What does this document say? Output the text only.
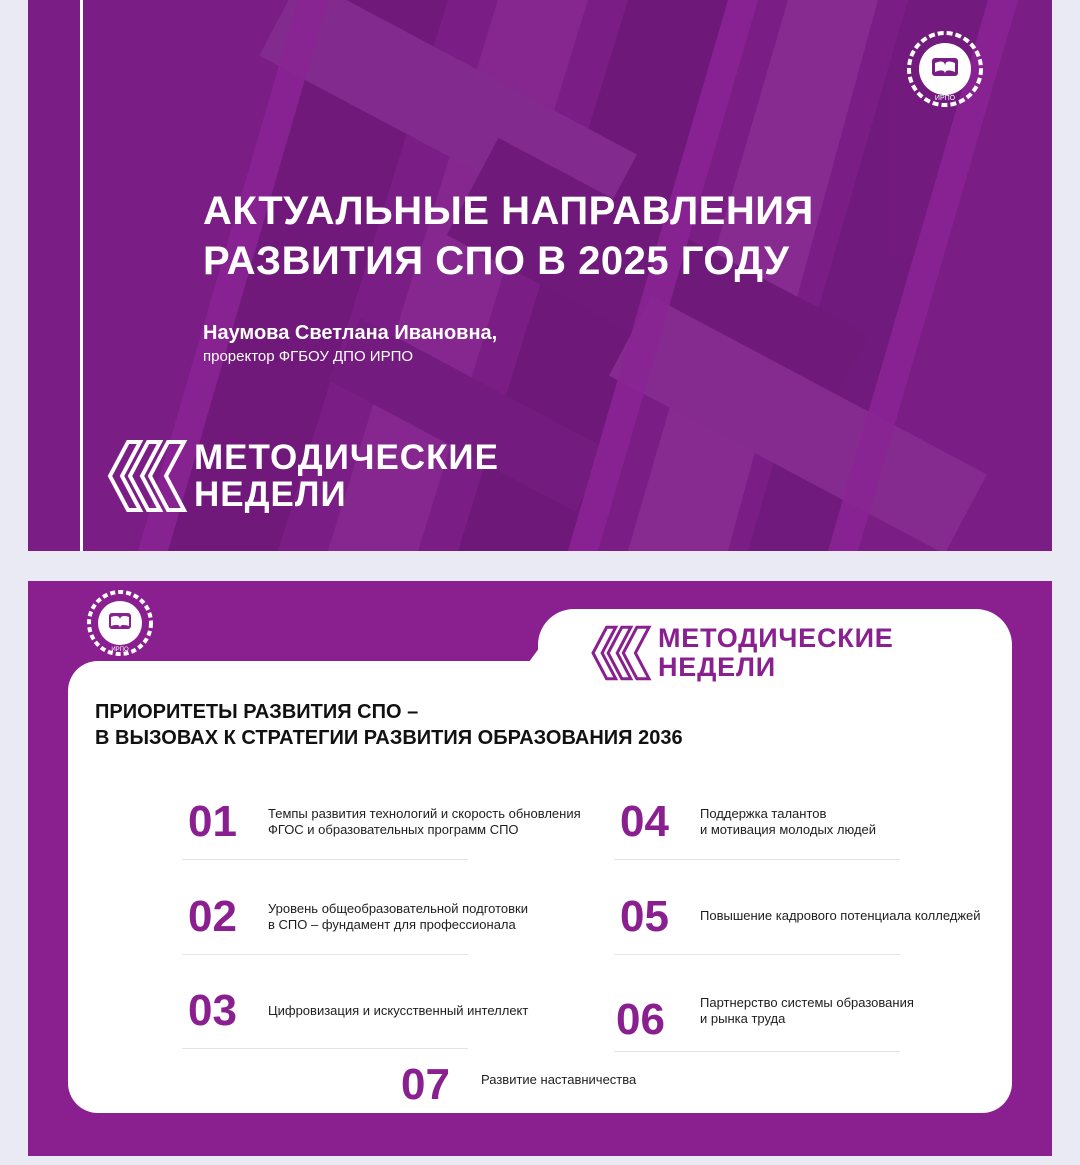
ИРПО
АКТУАЛЬНЫЕ НАПРАВЛЕНИЯ
РАЗВИТИЯ СПО В 2025 ГОДУ
Наумова Светлана Ивановна,
проректор ФГБОУ ДПО ИРПО
МЕТОДИЧЕСКИЕ
НЕДЕЛИ
ИРПО	МЕТОДИЧЕСКИЕ
НЕДЕЛИ
ПРИОРИТЕТЫ РАЗВИТИЯ СПО –
В ВЫЗОВАХ К СТРАТЕГИИ РАЗВИТИЯ ОБРАЗОВАНИЯ 2036
01 Темпы развития технологий и скорость обновления
ФГОС и образовательных программ СПО
02 Уровень общеобразовательной подготовки
в СПО – фундамент для профессионала
03 Цифровизация и искусственный интеллект
04 Поддержка талантов
и мотивация молодых людей
05 Повышение кадрового потенциала колледжей
06	Партнерство системы образования
и рынка труда
07 Развитие наставничества
2
